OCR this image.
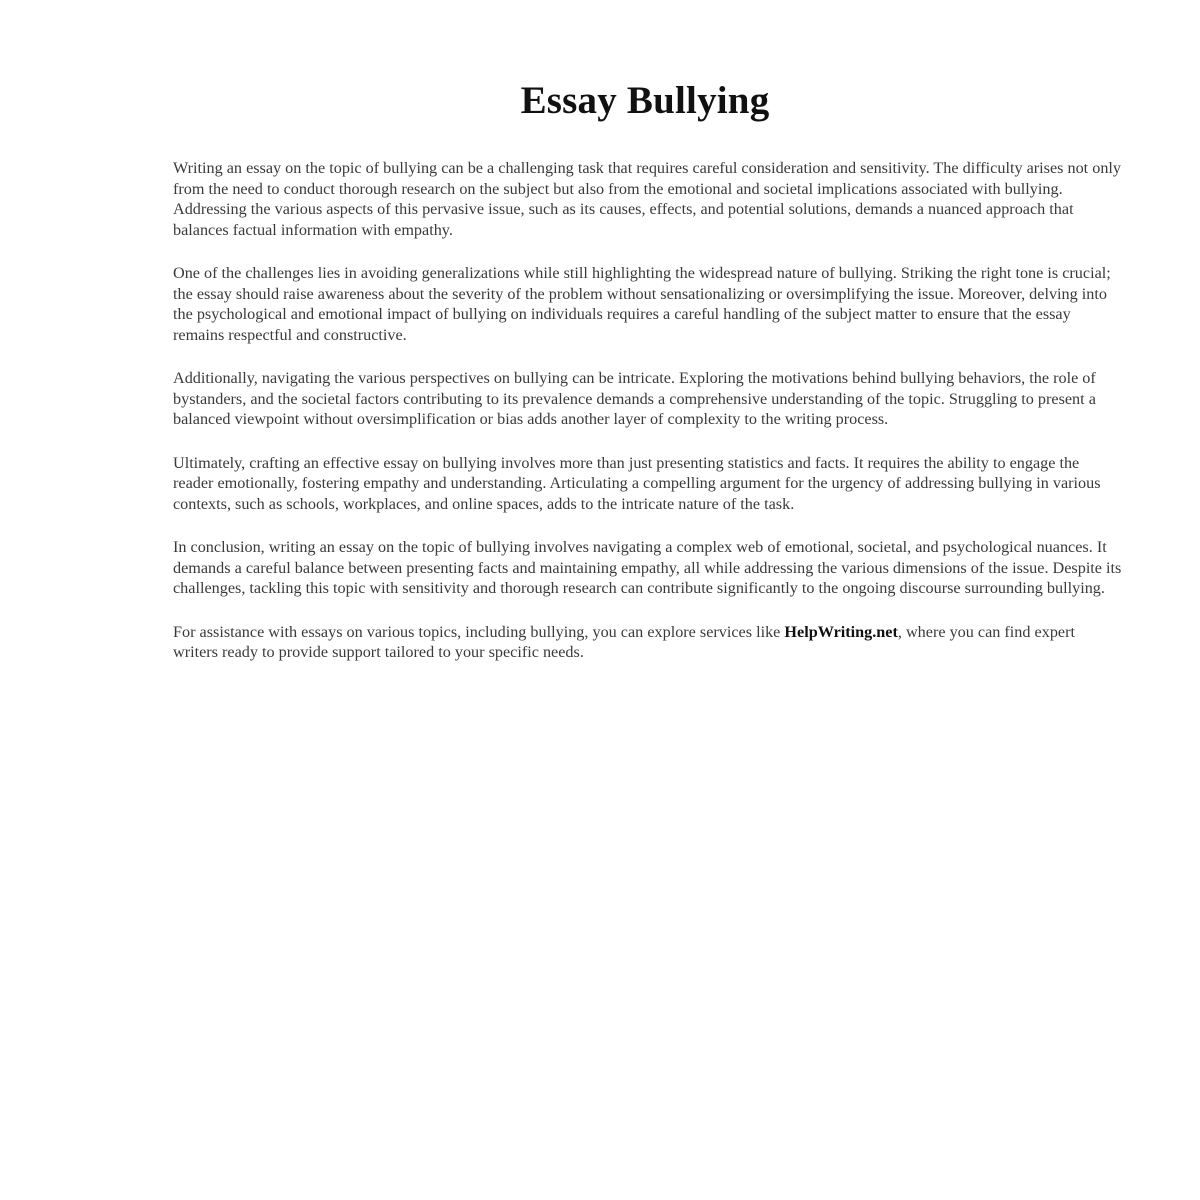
Essay Bullying

Writing an essay on the topic of bullying can be a challenging task that requires careful consideration and sensitivity. The difficulty arises not only from the need to conduct thorough research on the subject but also from the emotional and societal implications associated with bullying. Addressing the various aspects of this pervasive issue, such as its causes, effects, and potential solutions, demands a nuanced approach that balances factual information with empathy.

One of the challenges lies in avoiding generalizations while still highlighting the widespread nature of bullying. Striking the right tone is crucial; the essay should raise awareness about the severity of the problem without sensationalizing or oversimplifying the issue. Moreover, delving into the psychological and emotional impact of bullying on individuals requires a careful handling of the subject matter to ensure that the essay remains respectful and constructive.

Additionally, navigating the various perspectives on bullying can be intricate. Exploring the motivations behind bullying behaviors, the role of bystanders, and the societal factors contributing to its prevalence demands a comprehensive understanding of the topic. Struggling to present a balanced viewpoint without oversimplification or bias adds another layer of complexity to the writing process.

Ultimately, crafting an effective essay on bullying involves more than just presenting statistics and facts. It requires the ability to engage the reader emotionally, fostering empathy and understanding. Articulating a compelling argument for the urgency of addressing bullying in various contexts, such as schools, workplaces, and online spaces, adds to the intricate nature of the task.

In conclusion, writing an essay on the topic of bullying involves navigating a complex web of emotional, societal, and psychological nuances. It demands a careful balance between presenting facts and maintaining empathy, all while addressing the various dimensions of the issue. Despite its challenges, tackling this topic with sensitivity and thorough research can contribute significantly to the ongoing discourse surrounding bullying.

For assistance with essays on various topics, including bullying, you can explore services like HelpWriting.net, where you can find expert writers ready to provide support tailored to your specific needs.
